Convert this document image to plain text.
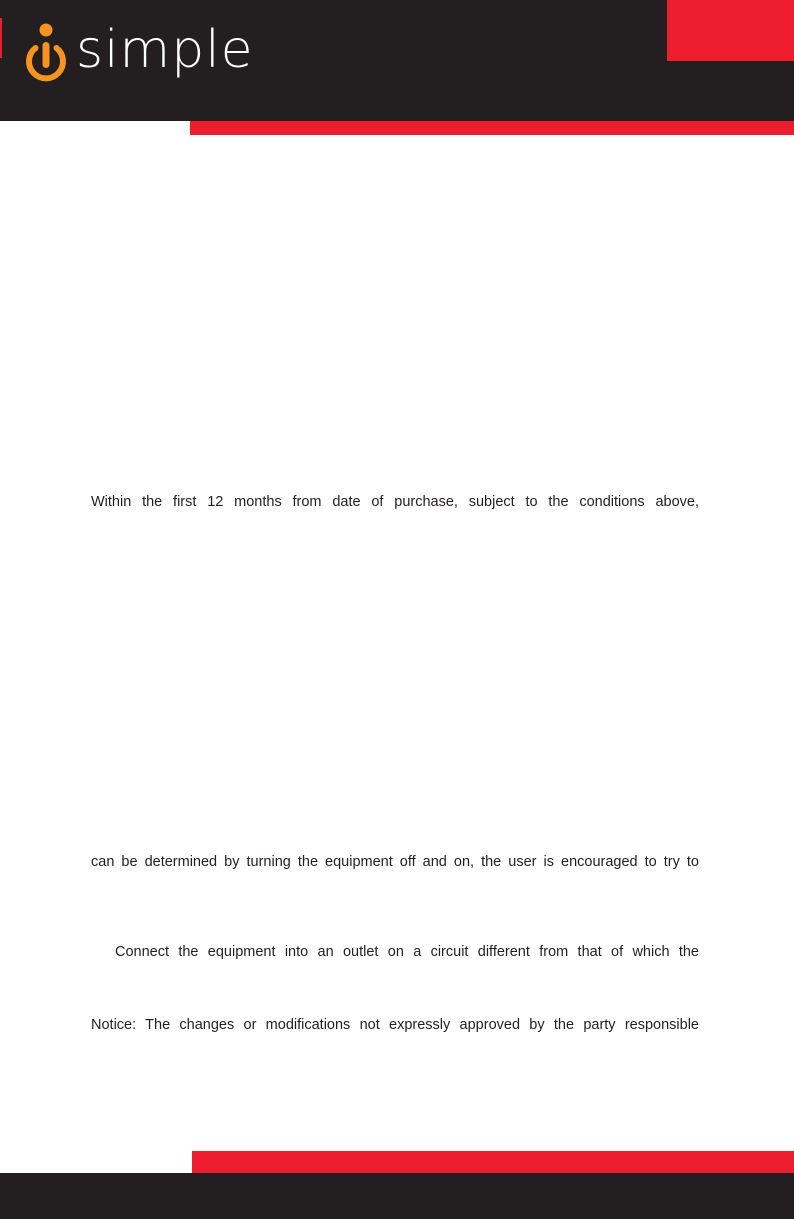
simple
Within the first 12 months from date of purchase, subject to the conditions above,
can be determined by turning the equipment off and on, the user is encouraged to try to
Connect the equipment into an outlet on a circuit different from that of which the
Notice: The changes or modifications not expressly approved by the party responsible
